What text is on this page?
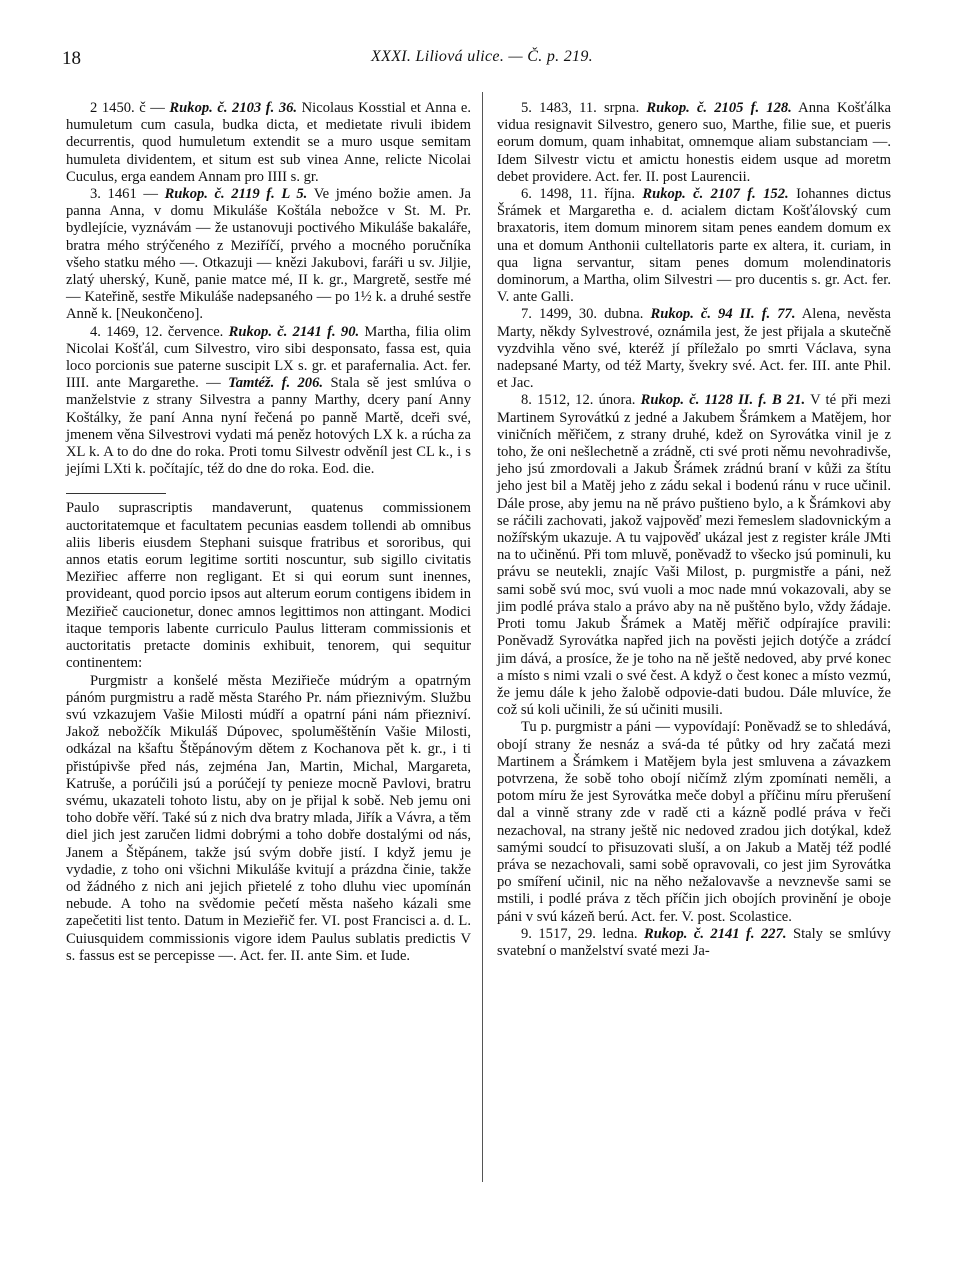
18	XXXI. Liliová ulice. — Č. p. 219.

2 1450. č — Rukop. č. 2103 f. 36. Nicolaus Kosstial et Anna e. humuletum cum casula, budka dicta, et medietate rivuli ibidem decurrentis, quod humuletum extendit se a muro usque semitam humuleta dividentem, et situm est sub vinea Anne, relicte Nicolai Cuculus, erga eandem Annam pro IIII s. gr.

3. 1461 — Rukop. č. 2119 f. L 5. Ve jméno božie amen. Ja panna Anna, v domu Mikuláše Koštála nebožce v St. M. Pr. bydlejície, vyznávám — že ustanovuji poctivého Mikuláše bakaláře, bratra mého strýčeného z Meziříčí, prvého a mocného poručníka všeho statku mého —. Otkazuji — knězi Jakubovi, faráři u sv. Jiljie, zlatý uherský, Kuně, panie matce mé, II k. gr., Margretě, sestře mé — Kateřině, sestře Mikuláše nadepsaného — po 1½ k. a druhé sestře Anně k. [Neukončeno].

4. 1469, 12. července. Rukop. č. 2141 f. 90. Martha, filia olim Nicolai Košťál, cum Silvestro, viro sibi desponsato, fassa est, quia loco porcionis sue paterne suscipit LX s. gr. et parafernalia. Act. fer. IIII. ante Margarethe. — Tamtéž. f. 206. Stala sě jest smlúva o manželstvie z strany Silvestra a panny Marthy, dcery paní Anny Koštálky, že paní Anna nyní řečená po panně Martě, dceři své, jmenem věna Silvestrovi vydati má peněz hotových LX k. a rúcha za XL k. A to do dne do roka. Proti tomu Silvestr odvěníl jest CL k., i s jejími LXti k. počítajíc, též do dne do roka. Eod. die.

Paulo suprascriptis mandaverunt, quatenus commissionem auctoritatemque et facultatem pecunias easdem tollendi ab omnibus aliis liberis eiusdem Stephani suisque fratribus et sororibus, qui annos etatis eorum legitime sortiti noscuntur, sub sigillo civitatis Meziřiec afferre non regligant. Et si qui eorum sunt inennes, provideant, quod porcio ipsos aut alterum eorum contigens ibidem in Meziřieč caucionetur, donec amnos legittimos non attingant. Modici itaque temporis labente curriculo Paulus litteram commissionis et auctoritatis pretacte dominis exhibuit, tenorem, qui sequitur continentem:

Purgmistr a konšelé města Meziřieče múdrým a opatrným pánóm purgmistru a radě města Starého Pr. nám přieznivým. Službu svú vzkazujem Vašie Milosti múdří a opatrní páni nám přiezniví. Jakož nebožčík Mikuláš Dúpovec, spoluměštěnín Vašie Milosti, odkázal na kšaftu Štěpánovým dětem z Kochanova pět k. gr., i ti přistúpivše před nás, zejména Jan, Martin, Michal, Margareta, Katruše, a porúčili jsú a porúčejí ty penieze mocně Pavlovi, bratru svému, ukazateli tohoto listu, aby on je přijal k sobě. Neb jemu oni toho dobře věří. Také sú z nich dva bratry mlada, Jiřík a Vávra, a těm diel jich jest zaručen lidmi dobrými a toho dobře dostalými od nás, Janem a Štěpánem, takže jsú svým dobře jistí. I když jemu je vydadie, z toho oni všichni Mikuláše kvitují a prázdna činie, takže od žádného z nich ani jejich přietelé z toho dluhu viec upomínán nebude. A toho na svědomie pečetí města našeho kázali sme zapečetiti list tento. Datum in Mezieřič fer. VI. post Francisci a. d. L. Cuiusquidem commissionis vigore idem Paulus sublatis predictis V s. fassus est se percepisse —. Act. fer. II. ante Sim. et Iude.

5. 1483, 11. srpna. Rukop. č. 2105 f. 128. Anna Košťálka vidua resignavit Silvestro, genero suo, Marthe, filie sue, et pueris eorum domum, quam inhabitat, omnemque aliam substanciam —. Idem Silvestr victu et amictu honestis eidem usque ad moretm debet providere. Act. fer. II. post Laurencii.

6. 1498, 11. října. Rukop. č. 2107 f. 152. Iohannes dictus Šrámek et Margaretha e. d. acialem dictam Košťálovský cum braxatoris, item domum minorem sitam penes eandem domum ex una et domum Anthonii cultellatoris parte ex altera, it. curiam, in qua ligna servantur, sitam penes domum molendinatoris dominorum, a Martha, olim Silvestri — pro ducentis s. gr. Act. fer. V. ante Galli.

7. 1499, 30. dubna. Rukop. č. 94 II. f. 77. Alena, nevěsta Marty, někdy Sylvestrové, oznámila jest, že jest přijala a skutečně vyzdvihla věno své, kteréž jí příležalo po smrti Václava, syna nadepsané Marty, od též Marty, švekry své. Act. fer. III. ante Phil. et Jac.

8. 1512, 12. února. Rukop. č. 1128 II. f. B 21. V té při mezi Martinem Syrovátkú z jedné a Jakubem Šrámkem a Matějem, hor viničních měřičem, z strany druhé, kdež on Syrovátka vinil je z toho, že oni nešlechetně a zrádně, cti své proti němu nevohradivše, jeho jsú zmordovali a Jakub Šrámek zrádnú braní v kůži za štítu jeho jest bil a Matěj jeho z zádu sekal i bodenú ránu v ruce učinil. Dále prose, aby jemu na ně právo puštieno bylo, a k Šrámkovi aby se ráčili zachovati, jakož vajpověď mezi řemeslem sladovnickým a nožířským ukazuje. A tu vajpověď ukázal jest z register krále JMti na to učiněnú. Při tom mluvě, poněvadž to všecko jsú pominuli, ku právu se neutekli, znajíc Vaši Milost, p. purgmistře a páni, než sami sobě svú moc, svú vuoli a moc nade mnú vokazovali, aby se jim podlé práva stalo a právo aby na ně puštěno bylo, vždy žádaje. Proti tomu Jakub Šrámek a Matěj měřič odpírajíce pravili: Poněvadž Syrovátka napřed jich na pověsti jejich dotýče a zrádcí jim dává, a prosíce, že je toho na ně ještě nedoved, aby prvé konec a místo s nimi vzali o své čest. A když o čest konec a místo vezmú, že jemu dále k jeho žalobě odpovie-dati budou. Dále mluvíce, že což sú koli učinili, že sú učiniti musili.

Tu p. purgmistr a páni — vypovídají: Poněvadž se to shledává, obojí strany že nesnáz a svá-da té půtky od hry začatá mezi Martinem a Šrámkem i Matějem byla jest smluvena a závazkem potvrzena, že sobě toho obojí ničímž zlým zpomínati neměli, a potom míru že jest Syrovátka meče dobyl a příčinu míru přerušení dal a vinně strany zde v radě cti a kázně podlé práva v řeči nezachoval, na strany ještě nic nedoved zradou jich dotýkal, kdež samými soudcí to přisuzovati sluší, a on Jakub a Matěj též podlé práva se nezachovali, sami sobě opravovali, co jest jim Syrovátka po smíření učinil, nic na něho nežalovavše a nevznevše sami se mstili, i podlé práva z těch příčin jich obojích provinění je oboje páni v svú kázeň berú. Act. fer. V. post. Scolastice.

9. 1517, 29. ledna. Rukop. č. 2141 f. 227. Staly se smlúvy svatební o manželství svaté mezi Ja-
